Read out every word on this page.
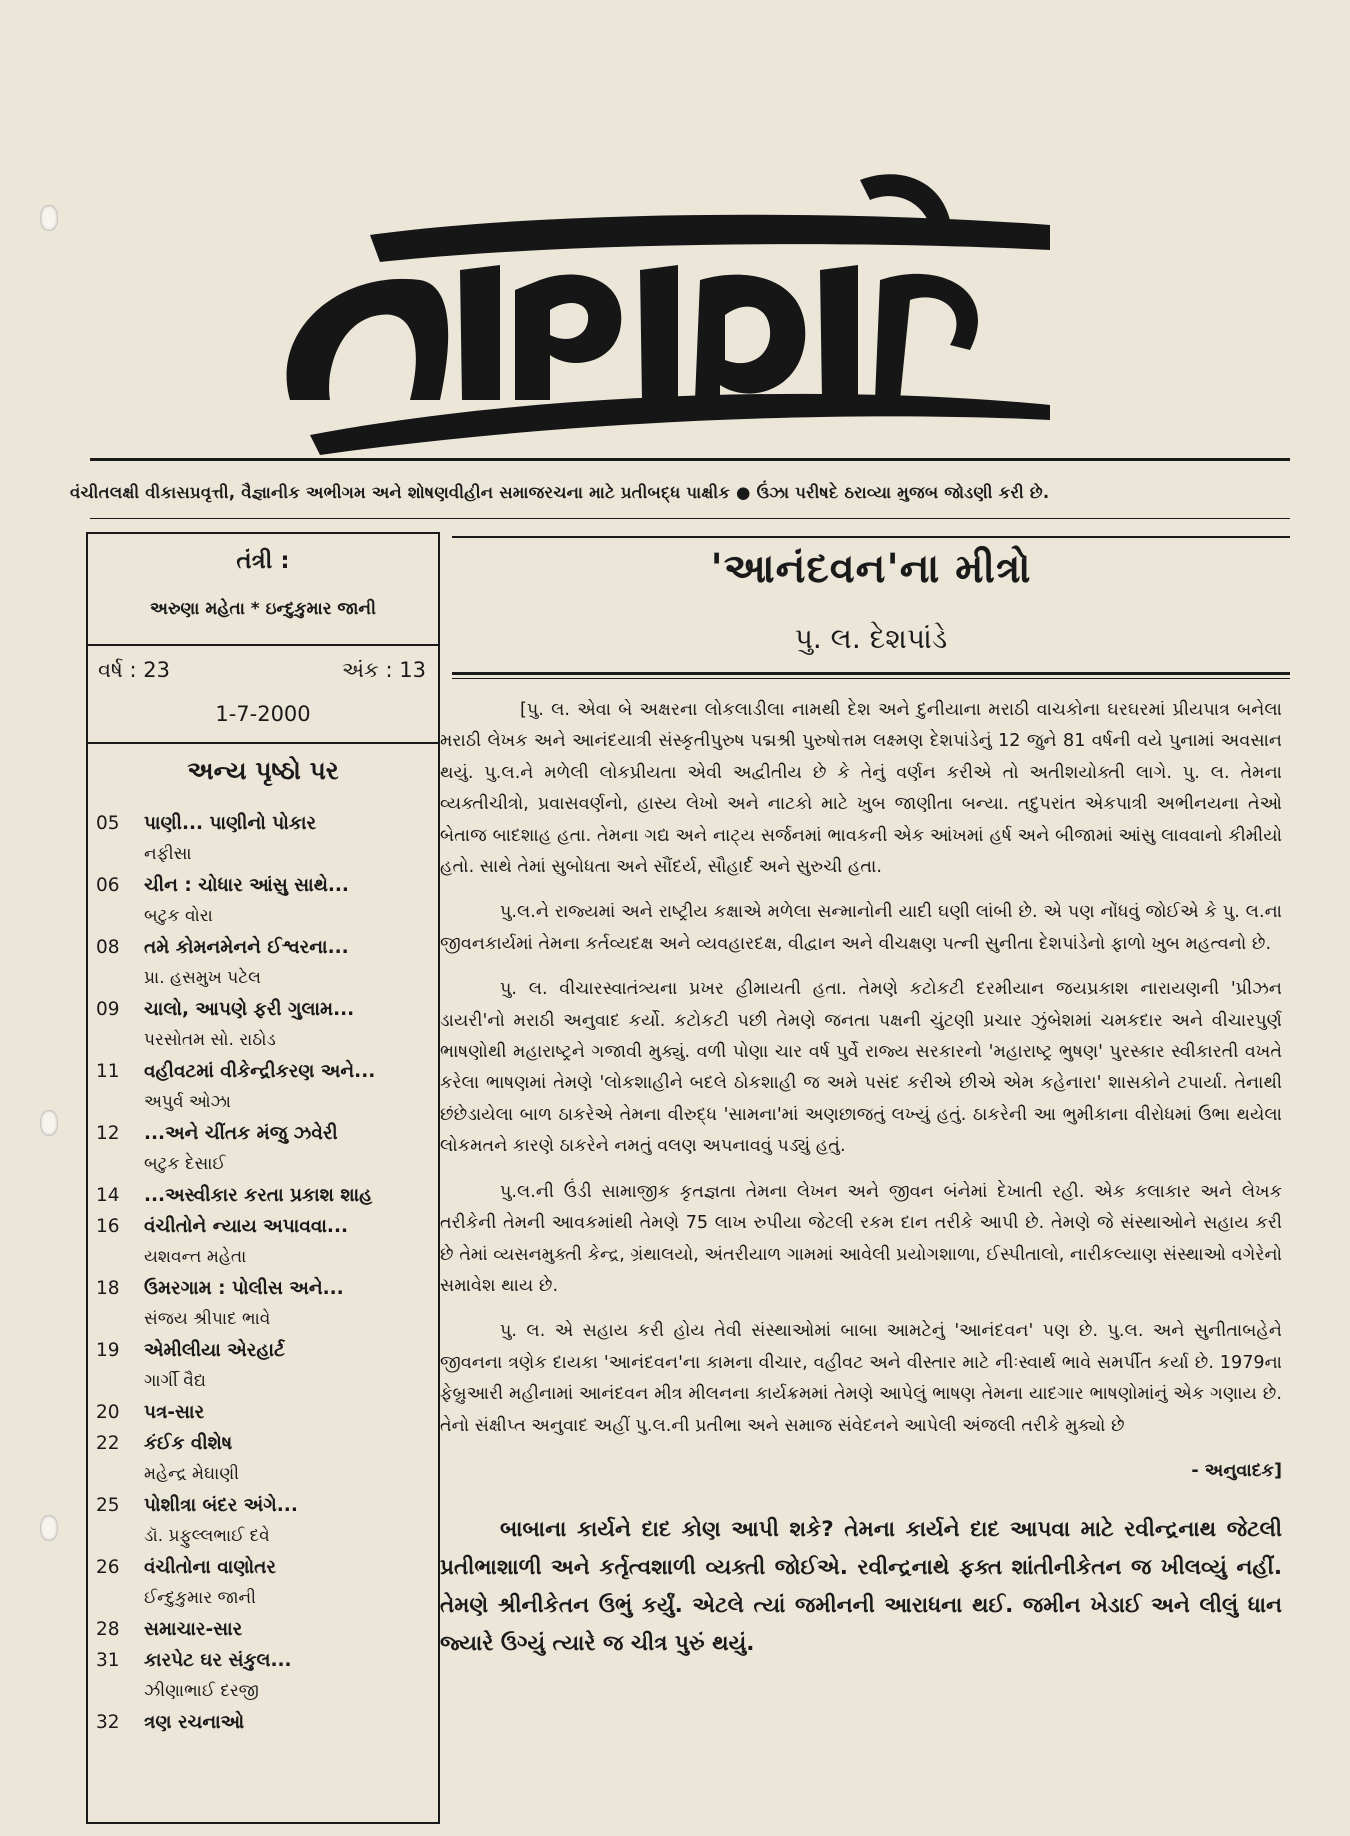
વંચીતલક્ષી વીકાસપ્રવૃત્તી, વૈજ્ઞાનીક અભીગમ અને શોષણવીહીન સમાજરચના માટે પ્રતીબદ્ધ પાક્ષીક ● ઉંઝા પરીષદે ઠરાવ્યા મુજબ જોડણી કરી છે.
તંત્રી :
અરુણા મહેતા * ઇન્દુકુમાર જાની
વર્ષ : 23	અંક : 13
1-7-2000
અન્ય પૃષ્ઠો પર
05	પાણી... પાણીનો પોકાર
નફીસા
06	ચીન : ચોધાર આંસુ સાથે...
બટુક વોરા
08	તમે કોમનમેનને ઈશ્વરના...
પ્રા. હસમુખ પટેલ
09	ચાલો, આપણે ફરી ગુલામ...
પરસોતમ સો. રાઠોડ
11	વહીવટમાં વીકેન્દ્રીકરણ અને...
અપુર્વ ઓઝા
12	...અને ચીંતક મંજુ ઝવેરી
બટુક દેસાઈ
14	...અસ્વીકાર કરતા પ્રકાશ શાહ
16	વંચીતોને ન્યાય અપાવવા...
યશવન્ત મહેતા
18	ઉમરગામ : પોલીસ અને...
સંજય શ્રીપાદ ભાવે
19	એમીલીયા એરહાર્ટ
ગાર્ગી વૈદ્ય
20	પત્ર-સાર
22	કંઈક વીશેષ
મહેન્દ્ર મેઘાણી
25	પોશીત્રા બંદર અંગે...
ડૉ. પ્રફુલ્લભાઈ દવે
26	વંચીતોના વાણોતર
ઈન્દુકુમાર જાની
28	સમાચાર-સાર
31	કારપેટ ઘર સંકુલ...
ઝીણાભાઈ દરજી
32	ત્રણ રચનાઓ
'આનંદવન'ના મીત્રો
પુ. લ. દેશપાંડે

[પુ. લ. એવા બે અક્ષરના લોકલાડીલા નામથી દેશ અને દુનીયાના મરાઠી વાચકોના ઘરઘરમાં પ્રીયપાત્ર બનેલા મરાઠી લેખક અને આનંદયાત્રી સંસ્કૃતીપુરુષ પદ્મશ્રી પુરુષોત્તમ લક્ષ્મણ દેશપાંડેનું 12 જુને 81 વર્ષની વયે પુનામાં અવસાન થયું. પુ.લ.ને મળેલી લોકપ્રીયતા એવી અદ્વીતીય છે કે તેનું વર્ણન કરીએ તો અતીશયોક્તી લાગે. પુ. લ. તેમના વ્યક્તીચીત્રો, પ્રવાસવર્ણનો, હાસ્ય લેખો અને નાટકો માટે ખુબ જાણીતા બન્યા. તદુપરાંત એકપાત્રી અભીનયના તેઓ બેતાજ બાદશાહ હતા. તેમના ગદ્ય અને નાટ્ય સર્જનમાં ભાવકની એક આંખમાં હર્ષ અને બીજામાં આંસુ લાવવાનો કીમીયો હતો. સાથે તેમાં સુબોધતા અને સૌંદર્ય, સૌહાર્દ અને સુરુચી હતા.

પુ.લ.ને રાજ્યમાં અને રાષ્ટ્રીય કક્ષાએ મળેલા સન્માનોની યાદી ઘણી લાંબી છે. એ પણ નોંધવું જોઈએ કે પુ. લ.ના જીવનકાર્યમાં તેમના કર્તવ્યદક્ષ અને વ્યવહારદક્ષ, વીદ્વાન અને વીચક્ષણ પત્ની સુનીતા દેશપાંડેનો ફાળો ખુબ મહત્વનો છે.

પુ. લ. વીચારસ્વાતંત્ર્યના પ્રખર હીમાયતી હતા. તેમણે કટોકટી દરમીયાન જયપ્રકાશ નારાયણની 'પ્રીઝન ડાયરી'નો મરાઠી અનુવાદ કર્યો. કટોકટી પછી તેમણે જનતા પક્ષની ચુંટણી પ્રચાર ઝુંબેશમાં ચમકદાર અને વીચારપુર્ણ ભાષણોથી મહારાષ્ટ્રને ગજાવી મુક્યું. વળી પોણા ચાર વર્ષ પુર્વે રાજ્ય સરકારનો 'મહારાષ્ટ્ર ભુષણ' પુરસ્કાર સ્વીકારતી વખતે કરેલા ભાષણમાં તેમણે 'લોકશાહીને બદલે ઠોકશાહી જ અમે પસંદ કરીએ છીએ એમ કહેનારા' શાસકોને ટપાર્યા. તેનાથી છંછેડાયેલા બાળ ઠાકરેએ તેમના વીરુદ્ધ 'સામના'માં અણછાજતું લખ્યું હતું. ઠાકરેની આ ભુમીકાના વીરોધમાં ઉભા થયેલા લોકમતને કારણે ઠાકરેને નમતું વલણ અપનાવવું પડ્યું હતું.

પુ.લ.ની ઉંડી સામાજીક કૃતજ્ઞતા તેમના લેખન અને જીવન બંનેમાં દેખાતી રહી. એક કલાકાર અને લેખક તરીકેની તેમની આવકમાંથી તેમણે 75 લાખ રુપીયા જેટલી રકમ દાન તરીકે આપી છે. તેમણે જે સંસ્થાઓને સહાય કરી છે તેમાં વ્યસનમુક્તી કેન્દ્ર, ગ્રંથાલયો, અંતરીયાળ ગામમાં આવેલી પ્રયોગશાળા, ઈસ્પીતાલો, નારીકલ્યાણ સંસ્થાઓ વગેરેનો સમાવેશ થાય છે.

પુ. લ. એ સહાય કરી હોય તેવી સંસ્થાઓમાં બાબા આમટેનું 'આનંદવન' પણ છે. પુ.લ. અને સુનીતાબહેને જીવનના ત્રણેક દાયકા 'આનંદવન'ના કામના વીચાર, વહીવટ અને વીસ્તાર માટે નીઃસ્વાર્થ ભાવે સમર્પીત કર્યા છે. 1979ના ફેબ્રુઆરી મહીનામાં આનંદવન મીત્ર મીલનના કાર્યક્રમમાં તેમણે આપેલું ભાષણ તેમના યાદગાર ભાષણોમાંનું એક ગણાય છે. તેનો સંક્ષીપ્ત અનુવાદ અહીં પુ.લ.ની પ્રતીભા અને સમાજ સંવેદનને આપેલી અંજલી તરીકે મુક્યો છે

- અનુવાદક]

બાબાના કાર્યને દાદ કોણ આપી શકે? તેમના કાર્યને દાદ આપવા માટે રવીન્દ્રનાથ જેટલી પ્રતીભાશાળી અને કર્તૃત્વશાળી વ્યક્તી જોઈએ. રવીન્દ્રનાથે ફક્ત શાંતીનીકેતન જ ખીલવ્યું નહીં. તેમણે શ્રીનીકેતન ઉભું કર્યું. એટલે ત્યાં જમીનની આરાધના થઈ. જમીન ખેડાઈ અને લીલું ધાન જ્યારે ઉગ્યું ત્યારે જ ચીત્ર પુરું થયું.
